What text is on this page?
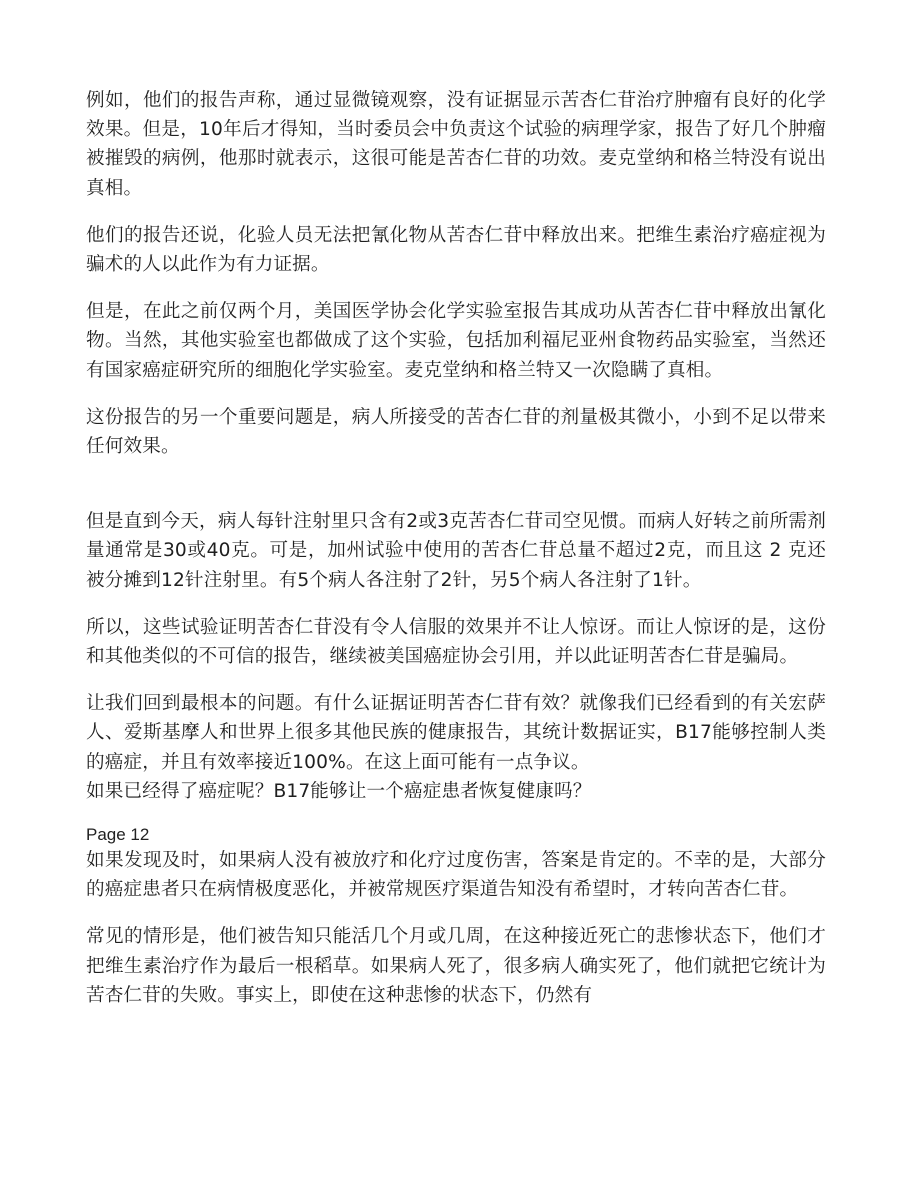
例如，他们的报告声称，通过显微镜观察，没有证据显示苦杏仁苷治疗肿瘤有良好的化学效果。但是，10年后才得知，当时委员会中负责这个试验的病理学家，报告了好几个肿瘤被摧毁的病例，他那时就表示，这很可能是苦杏仁苷的功效。麦克堂纳和格兰特没有说出真相。

他们的报告还说，化验人员无法把氰化物从苦杏仁苷中释放出来。把维生素治疗癌症视为骗术的人以此作为有力证据。

但是，在此之前仅两个月，美国医学协会化学实验室报告其成功从苦杏仁苷中释放出氰化物。当然，其他实验室也都做成了这个实验，包括加利福尼亚州食物药品实验室，当然还有国家癌症研究所的细胞化学实验室。麦克堂纳和格兰特又一次隐瞒了真相。

这份报告的另一个重要问题是，病人所接受的苦杏仁苷的剂量极其微小，小到不足以带来任何效果。

但是直到今天，病人每针注射里只含有2或3克苦杏仁苷司空见惯。而病人好转之前所需剂量通常是30或40克。可是，加州试验中使用的苦杏仁苷总量不超过2克，而且这 2 克还被分摊到12针注射里。有5个病人各注射了2针，另5个病人各注射了1针。

所以，这些试验证明苦杏仁苷没有令人信服的效果并不让人惊讶。而让人惊讶的是，这份和其他类似的不可信的报告，继续被美国癌症协会引用，并以此证明苦杏仁苷是骗局。

让我们回到最根本的问题。有什么证据证明苦杏仁苷有效？就像我们已经看到的有关宏萨人、爱斯基摩人和世界上很多其他民族的健康报告，其统计数据证实，B17能够控制人类的癌症，并且有效率接近100%。在这上面可能有一点争议。

如果已经得了癌症呢？B17能够让一个癌症患者恢复健康吗？

Page 12

如果发现及时，如果病人没有被放疗和化疗过度伤害，答案是肯定的。不幸的是，大部分的癌症患者只在病情极度恶化，并被常规医疗渠道告知没有希望时，才转向苦杏仁苷。

常见的情形是，他们被告知只能活几个月或几周，在这种接近死亡的悲惨状态下，他们才把维生素治疗作为最后一根稻草。如果病人死了，很多病人确实死了，他们就把它统计为苦杏仁苷的失败。事实上，即使在这种悲惨的状态下，仍然有
